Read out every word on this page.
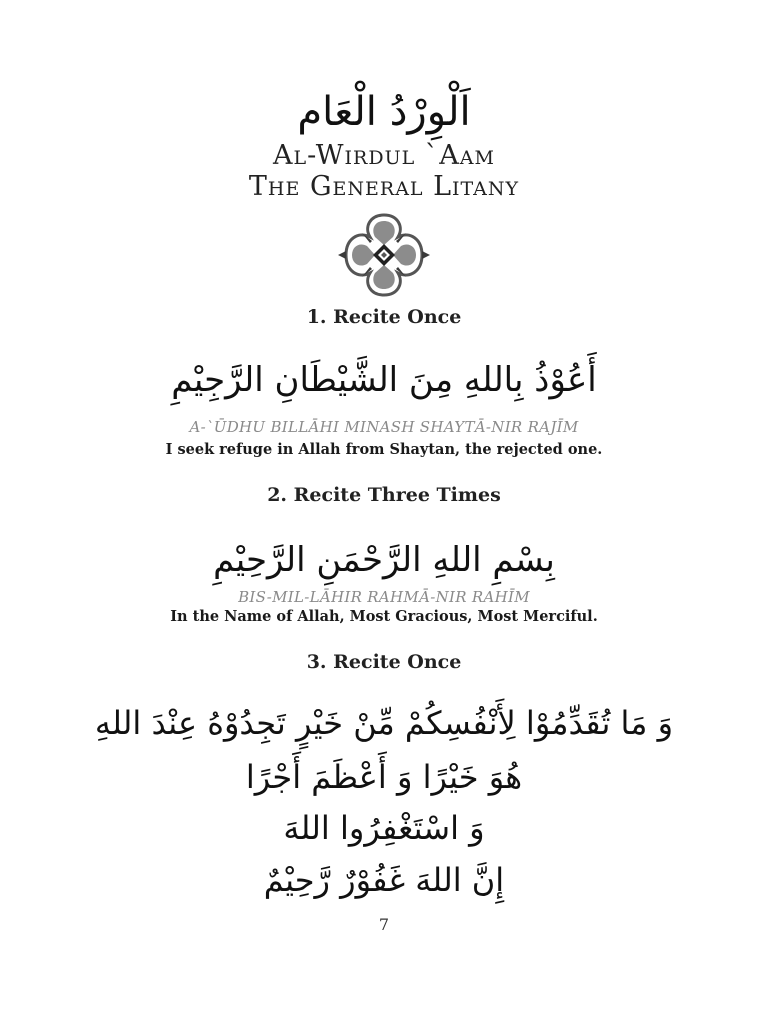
اَلْوِرْدُ الْعَام
Al-Wirdul `Aam
The General Litany
1. Recite Once
أَعُوْذُ بِاللهِ مِنَ الشَّيْطَانِ الرَّجِيْمِ
A-`ŪDHU BILLĀHI MINASH SHAYTĀ-NIR RAJĪM
I seek refuge in Allah from Shaytan, the rejected one.
2. Recite Three Times
بِسْمِ اللهِ الرَّحْمَنِ الرَّحِيْمِ
BIS-MIL-LĀHIR RAHMĀ-NIR RAHĪM
In the Name of Allah, Most Gracious, Most Merciful.
3. Recite Once
وَ مَا تُقَدِّمُوْا لِأَنْفُسِكُمْ مِّنْ خَيْرٍ تَجِدُوْهُ عِنْدَ اللهِ
هُوَ خَيْرًا وَ أَعْظَمَ أَجْرًا
وَ اسْتَغْفِرُوا اللهَ
إِنَّ اللهَ غَفُوْرٌ رَّحِيْمٌ
7
